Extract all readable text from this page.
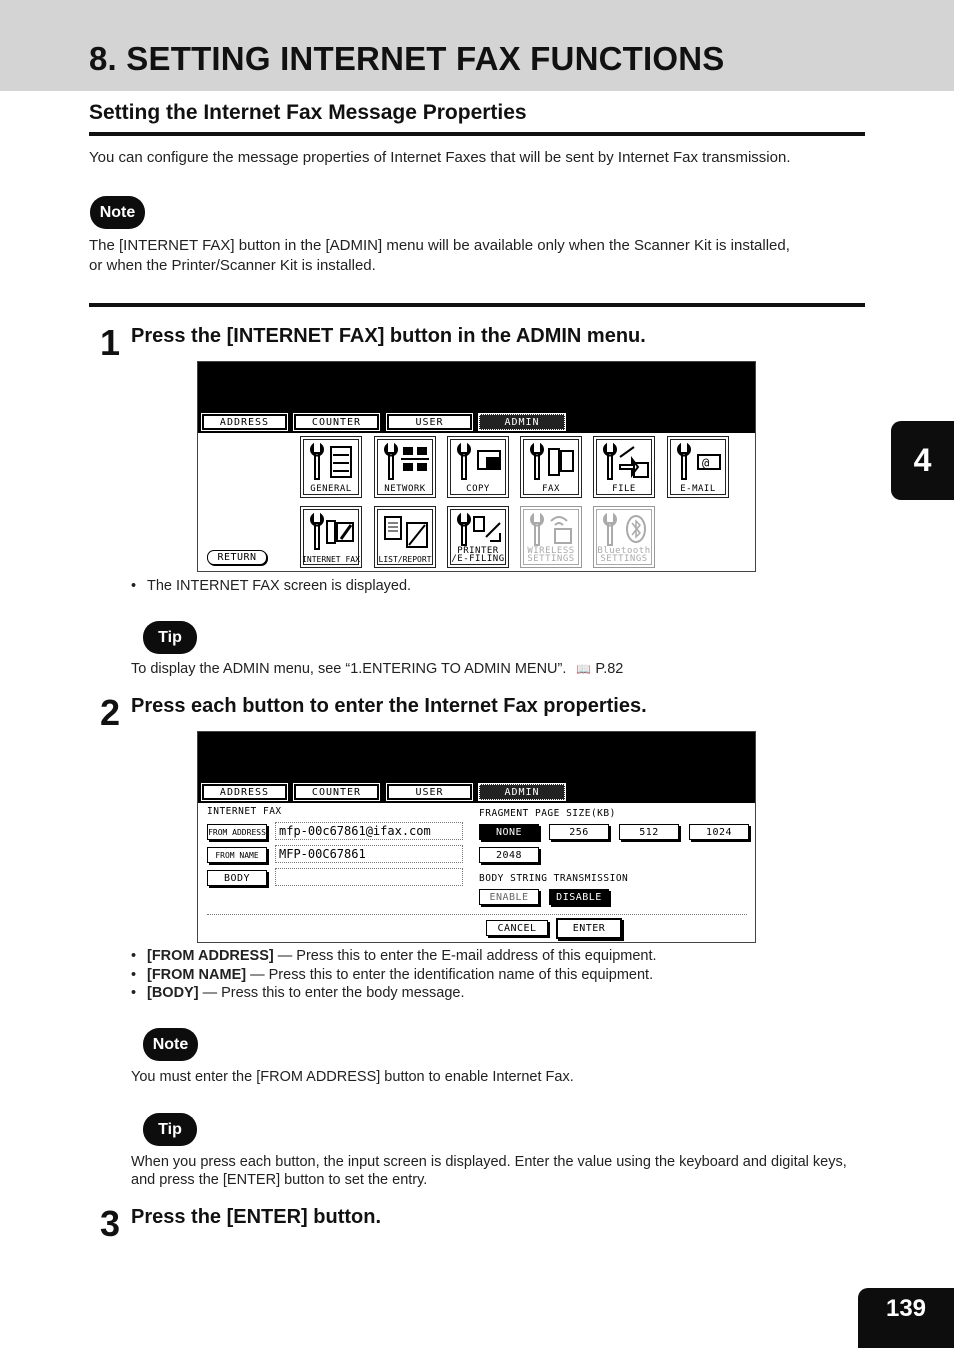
8. SETTING INTERNET FAX FUNCTIONS
Setting the Internet Fax Message Properties
You can configure the message properties of Internet Faxes that will be sent by Internet Fax transmission.
Note
The [INTERNET FAX] button in the [ADMIN] menu will be available only when the Scanner Kit is installed,
or when the Printer/Scanner Kit is installed.
4
139
1 Press the [INTERNET FAX] button in the ADMIN menu.
ADDRESS	COUNTER	USER	ADMIN
GENERAL	NETWORK	COPY	FAX	FILE
@
E-MAIL
INTERNET FAX	LIST/REPORT
PRINTER
/E-FILING
WIRELESS
SETTINGS
Bluetooth
SETTINGS
RETURN
• The INTERNET FAX screen is displayed.
Tip
To display the ADMIN menu, see “1.ENTERING TO ADMIN MENU”. 📖 P.82
2 Press each button to enter the Internet Fax properties.
ADDRESS	COUNTER	USER	ADMIN
INTERNET FAX
FROM ADDRESS	mfp-00c67861@ifax.com
FROM NAME	MFP-00C67861
BODY
FRAGMENT PAGE SIZE(KB)
NONE	256	512	1024
2048
BODY STRING TRANSMISSION
ENABLE	DISABLE
CANCEL	ENTER
• [FROM ADDRESS] — Press this to enter the E-mail address of this equipment.
• [FROM NAME] — Press this to enter the identification name of this equipment.
• [BODY] — Press this to enter the body message.
Note
You must enter the [FROM ADDRESS] button to enable Internet Fax.
Tip
When you press each button, the input screen is displayed. Enter the value using the keyboard and digital keys,
and press the [ENTER] button to set the entry.
3 Press the [ENTER] button.
